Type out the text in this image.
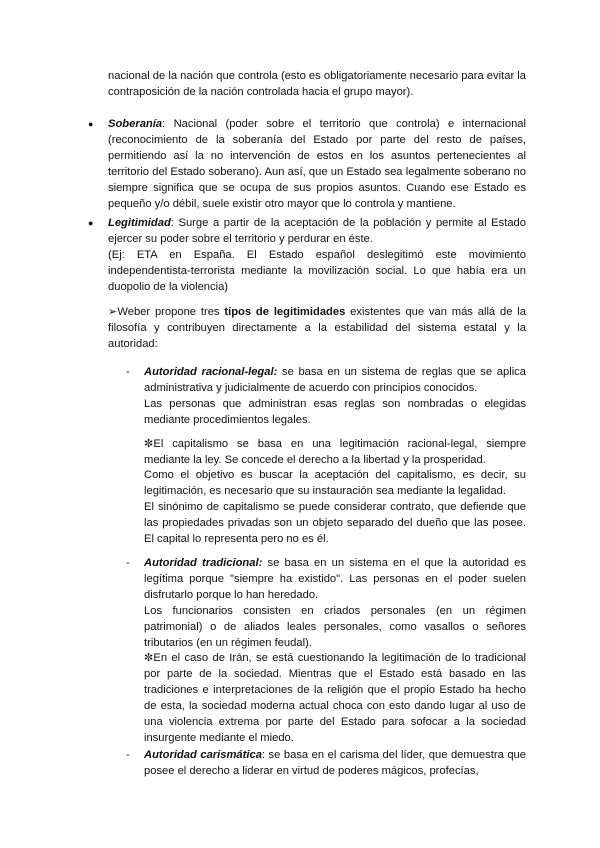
nacional de la nación que controla (esto es obligatoriamente necesario para evitar la contraposición de la nación controlada hacia el grupo mayor).

● Soberanía: Nacional (poder sobre el territorio que controla) e internacional (reconocimiento de la soberanía del Estado por parte del resto de países, permitiendo así la no intervención de estos en los asuntos pertenecientes al territorio del Estado soberano). Aun así, que un Estado sea legalmente soberano no siempre significa que se ocupa de sus propios asuntos. Cuando ese Estado es pequeño y/o débil, suele existir otro mayor que lo controla y mantiene.

● Legitimidad: Surge a partir de la aceptación de la población y permite al Estado ejercer su poder sobre el territorio y perdurar en éste.
(Ej: ETA en España. El Estado español deslegitimó este movimiento independentista-terrorista mediante la movilización social. Lo que había era un duopolio de la violencia)

➢Weber propone tres tipos de legitimidades existentes que van más allá de la filosofía y contribuyen directamente a la estabilidad del sistema estatal y la autoridad:

- Autoridad racional-legal: se basa en un sistema de reglas que se aplica administrativa y judicialmente de acuerdo con principios conocidos.
Las personas que administran esas reglas son nombradas o elegidas mediante procedimientos legales.
✼El capitalismo se basa en una legitimación racional-legal, siempre mediante la ley. Se concede el derecho a la libertad y la prosperidad.
Como el objetivo es buscar la aceptación del capitalismo, es decir, su legitimación, es necesario que su instauración sea mediante la legalidad.
El sinónimo de capitalismo se puede considerar contrato, que defiende que las propiedades privadas son un objeto separado del dueño que las posee. El capital lo representa pero no es él.
- Autoridad tradicional: se basa en un sistema en el que la autoridad es legítima porque "siempre ha existido". Las personas en el poder suelen disfrutarlo porque lo han heredado.
Los funcionarios consisten en criados personales (en un régimen patrimonial) o de aliados leales personales, como vasallos o señores tributarios (en un régimen feudal).
✼En el caso de Irán, se está cuestionando la legitimación de lo tradicional por parte de la sociedad. Mientras que el Estado está basado en las tradiciones e interpretaciones de la religión que el propio Estado ha hecho de esta, la sociedad moderna actual choca con esto dando lugar al uso de una violencia extrema por parte del Estado para sofocar a la sociedad insurgente mediante el miedo.
- Autoridad carismática: se basa en el carisma del líder, que demuestra que posee el derecho a liderar en virtud de poderes mágicos, profecías,
